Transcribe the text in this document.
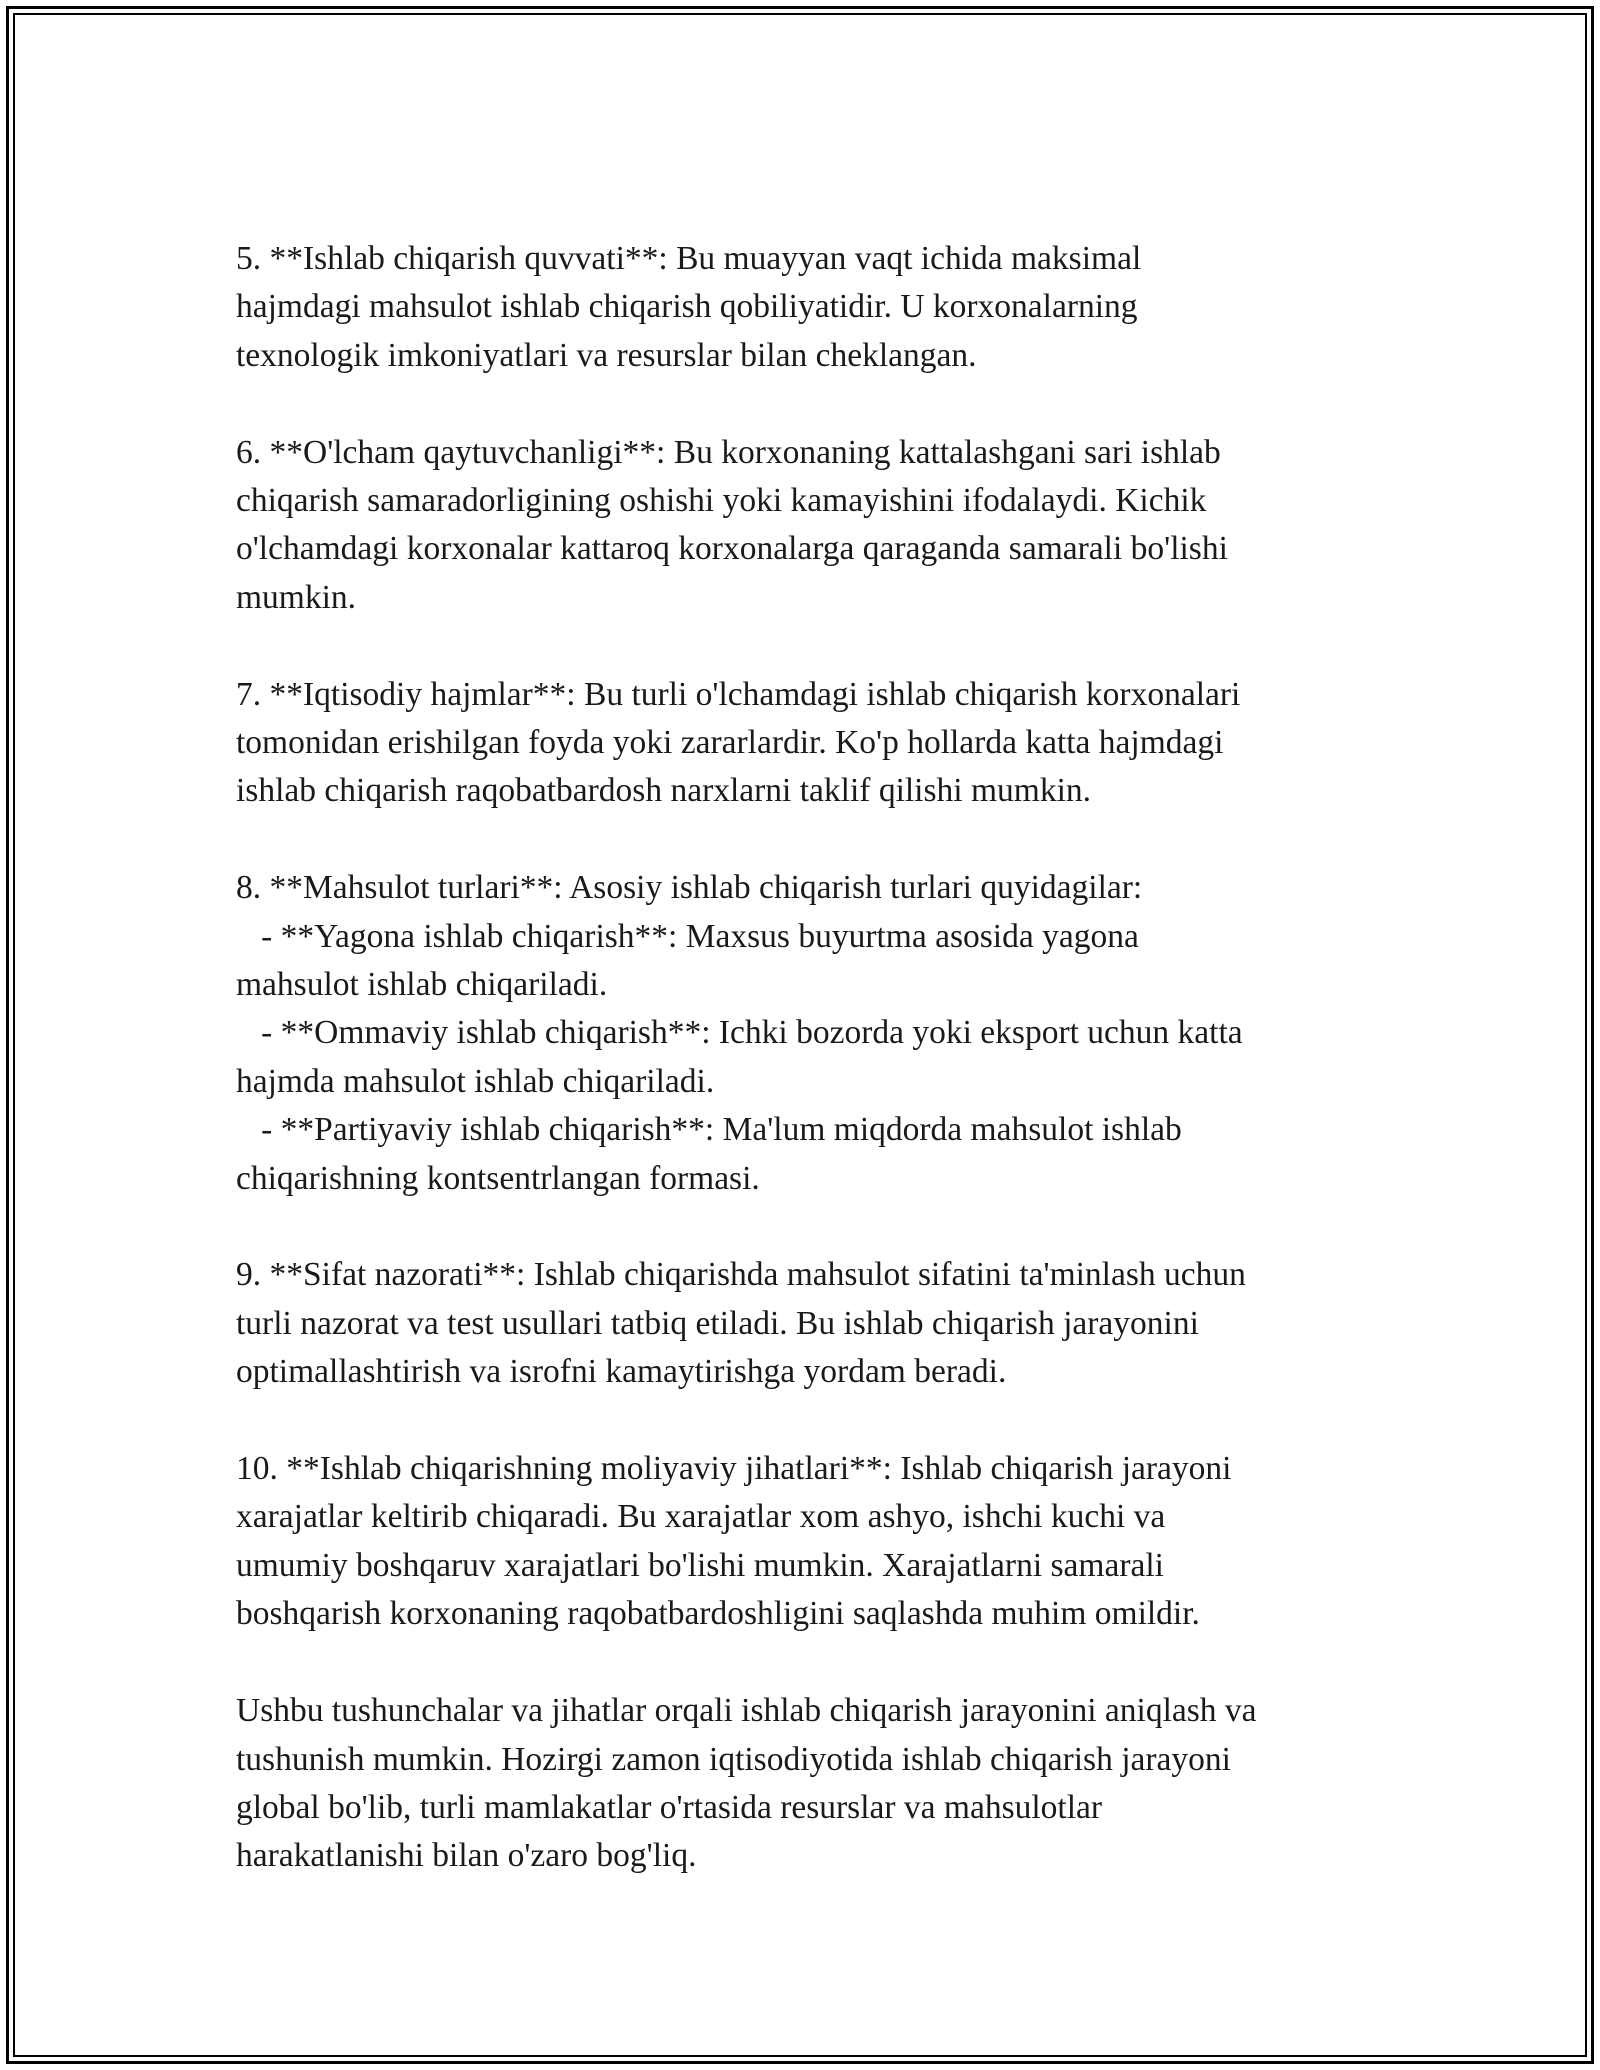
5. **Ishlab chiqarish quvvati**: Bu muayyan vaqt ichida maksimal
hajmdagi mahsulot ishlab chiqarish qobiliyatidir. U korxonalarning
texnologik imkoniyatlari va resurslar bilan cheklangan.

6. **O'lcham qaytuvchanligi**: Bu korxonaning kattalashgani sari ishlab
chiqarish samaradorligining oshishi yoki kamayishini ifodalaydi. Kichik
o'lchamdagi korxonalar kattaroq korxonalarga qaraganda samarali bo'lishi
mumkin.

7. **Iqtisodiy hajmlar**: Bu turli o'lchamdagi ishlab chiqarish korxonalari
tomonidan erishilgan foyda yoki zararlardir. Ko'p hollarda katta hajmdagi
ishlab chiqarish raqobatbardosh narxlarni taklif qilishi mumkin.

8. **Mahsulot turlari**: Asosiy ishlab chiqarish turlari quyidagilar:
- **Yagona ishlab chiqarish**: Maxsus buyurtma asosida yagona
mahsulot ishlab chiqariladi.
- **Ommaviy ishlab chiqarish**: Ichki bozorda yoki eksport uchun katta
hajmda mahsulot ishlab chiqariladi.
- **Partiyaviy ishlab chiqarish**: Ma'lum miqdorda mahsulot ishlab
chiqarishning kontsentrlangan formasi.

9. **Sifat nazorati**: Ishlab chiqarishda mahsulot sifatini ta'minlash uchun
turli nazorat va test usullari tatbiq etiladi. Bu ishlab chiqarish jarayonini
optimallashtirish va isrofni kamaytirishga yordam beradi.

10. **Ishlab chiqarishning moliyaviy jihatlari**: Ishlab chiqarish jarayoni
xarajatlar keltirib chiqaradi. Bu xarajatlar xom ashyo, ishchi kuchi va
umumiy boshqaruv xarajatlari bo'lishi mumkin. Xarajatlarni samarali
boshqarish korxonaning raqobatbardoshligini saqlashda muhim omildir.

Ushbu tushunchalar va jihatlar orqali ishlab chiqarish jarayonini aniqlash va
tushunish mumkin. Hozirgi zamon iqtisodiyotida ishlab chiqarish jarayoni
global bo'lib, turli mamlakatlar o'rtasida resurslar va mahsulotlar
harakatlanishi bilan o'zaro bog'liq.
